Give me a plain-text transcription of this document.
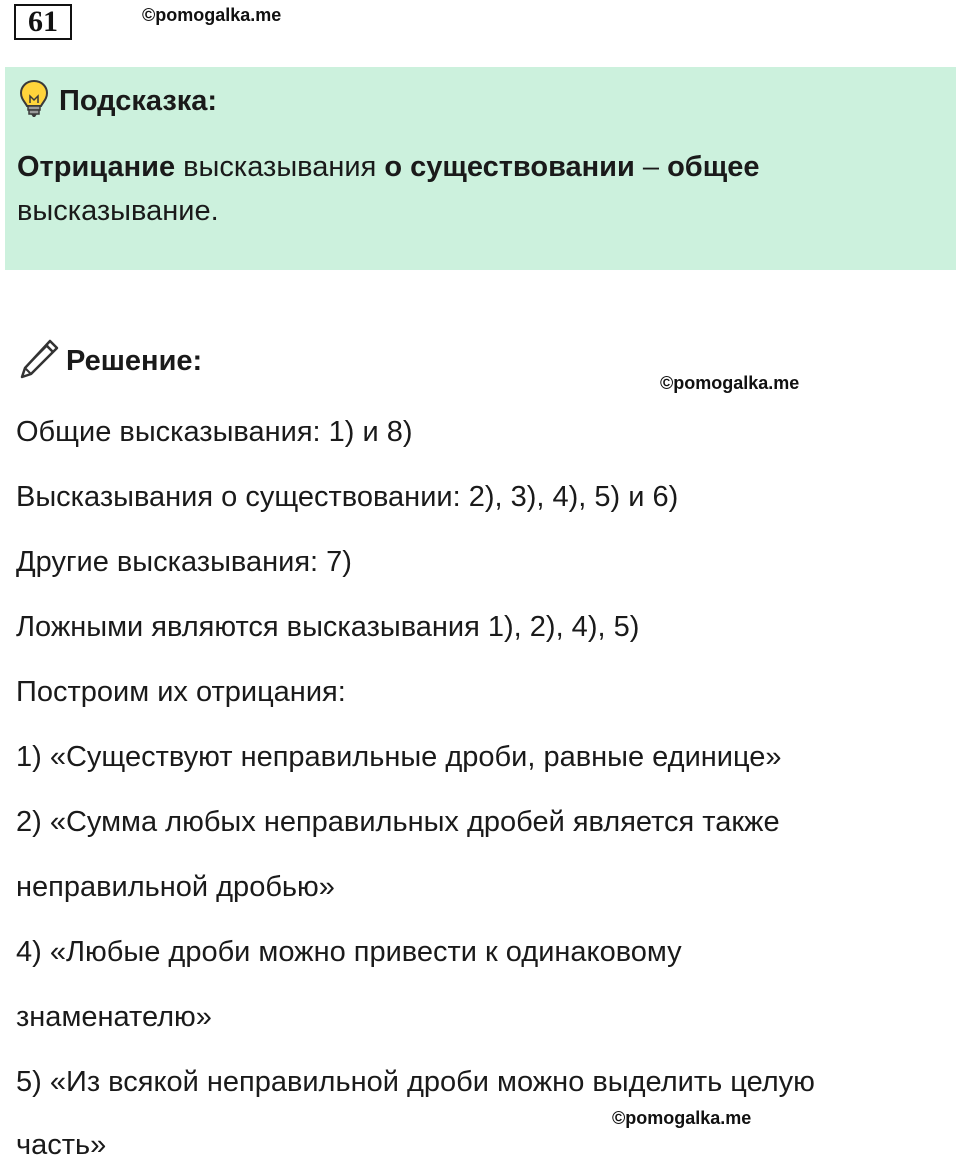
61	©pomogalka.me
Подсказка:
Отрицание высказывания о существовании – общее высказывание.
Решение:
©pomogalka.me
Общие высказывания: 1) и 8)
Высказывания о существовании: 2), 3), 4), 5) и 6)
Другие высказывания: 7)
Ложными являются высказывания 1), 2), 4), 5)
Построим их отрицания:
1) «Существуют неправильные дроби, равные единице»
2) «Сумма любых неправильных дробей является также
неправильной дробью»
4) «Любые дроби можно привести к одинаковому
знаменателю»
5) «Из всякой неправильной дроби можно выделить целую
часть»
©pomogalka.me
